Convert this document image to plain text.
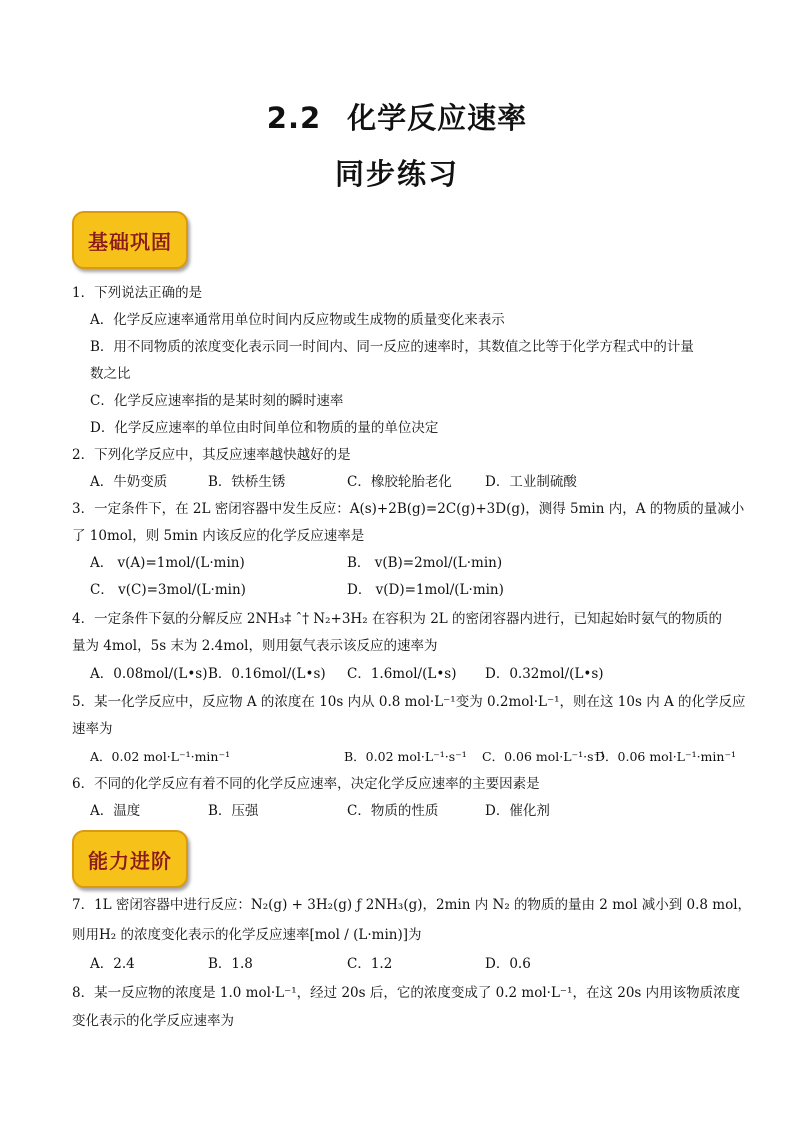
2.2 化学反应速率
同步练习
基础巩固
1．下列说法正确的是
A．化学反应速率通常用单位时间内反应物或生成物的质量变化来表示
B．用不同物质的浓度变化表示同一时间内、同一反应的速率时，其数值之比等于化学方程式中的计量
数之比
C．化学反应速率指的是某时刻的瞬时速率
D．化学反应速率的单位由时间单位和物质的量的单位决定
2．下列化学反应中，其反应速率越快越好的是
A．牛奶变质	B．铁桥生锈	C．橡胶轮胎老化 D．工业制硫酸
3．一定条件下，在 2L 密闭容器中发生反应：A(s)+2B(g)=2C(g)+3D(g)，测得 5min 内，A 的物质的量减小
了 10mol，则 5min 内该反应的化学反应速率是
A． v(A)=1mol/(L·min)	B． v(B)=2mol/(L·min)
C． v(C)=3mol/(L·min)	D． v(D)=1mol/(L·min)
4．一定条件下氨的分解反应 2NH₃‡ ˆ† N₂+3H₂ 在容积为 2L 的密闭容器内进行，已知起始时氨气的物质的
量为 4mol，5s 末为 2.4mol，则用氨气表示该反应的速率为
A．0.08mol/(L•s) B．0.16mol/(L•s) C．1.6mol/(L•s) D．0.32mol/(L•s)
5．某一化学反应中，反应物 A 的浓度在 10s 内从 0.8 mol·L⁻¹变为 0.2mol·L⁻¹，则在这 10s 内 A 的化学反应
速率为
A．0.02 mol·L⁻¹·min⁻¹	B．0.02 mol·L⁻¹·s⁻¹ C．0.06 mol·L⁻¹·s⁻¹
D．0.06 mol·L⁻¹·min⁻¹
6．不同的化学反应有着不同的化学反应速率，决定化学反应速率的主要因素是
A．温度	B．压强	C．物质的性质	D．催化剂
能力进阶
7．1L 密闭容器中进行反应：N₂(g) + 3H₂(g) ƒ 2NH₃(g)，2min 内 N₂ 的物质的量由 2 mol 减小到 0.8 mol，
则用H₂ 的浓度变化表示的化学反应速率[mol / (L·min)]为
A．2.4	B．1.8	C．1.2	D．0.6
8．某一反应物的浓度是 1.0 mol·L⁻¹，经过 20s 后，它的浓度变成了 0.2 mol·L⁻¹，在这 20s 内用该物质浓度
变化表示的化学反应速率为
